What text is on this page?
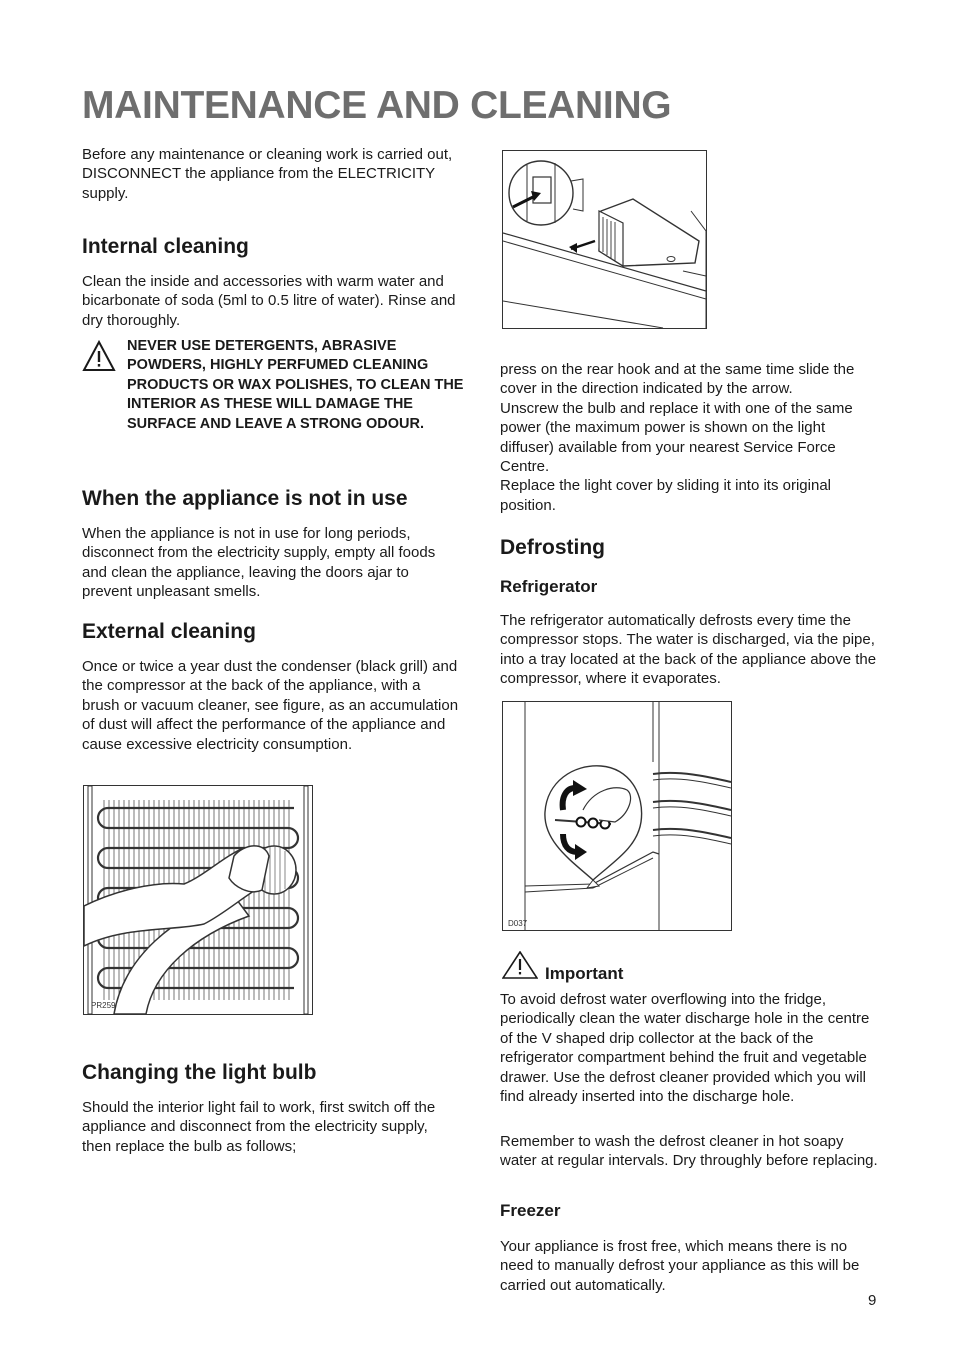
MAINTENANCE AND CLEANING

Before any maintenance or cleaning work is carried out, DISCONNECT the appliance from the ELECTRICITY supply.

Internal cleaning

Clean the inside and accessories with warm water and bicarbonate of soda (5ml to 0.5 litre of water). Rinse and dry thoroughly.

NEVER USE DETERGENTS, ABRASIVE POWDERS, HIGHLY PERFUMED CLEANING PRODUCTS OR WAX POLISHES, TO CLEAN THE INTERIOR AS THESE WILL DAMAGE THE SURFACE AND LEAVE A STRONG ODOUR.

When the appliance is not in use

When the appliance is not in use for long periods, disconnect from the electricity supply, empty all foods and clean the appliance, leaving the doors ajar to prevent unpleasant smells.

External cleaning

Once or twice a year dust the condenser (black grill) and the compressor at the back of the appliance, with a brush or vacuum cleaner, see figure, as an accumulation of dust will affect the performance of the appliance and cause excessive electricity consumption.

PR259
Changing the light bulb

Should the interior light fail to work, first switch off the appliance and disconnect from the electricity supply, then replace the bulb as follows;

press on the rear hook and at the same time slide the cover in the direction indicated by the arrow.
Unscrew the bulb and replace it with one of the same power (the maximum power is shown on the light diffuser) available from your nearest Service Force Centre.
Replace the light cover by sliding it into its original position.

Defrosting
Refrigerator

The refrigerator automatically defrosts every time the compressor stops. The water is discharged, via the pipe, into a tray located at the back of the appliance above the compressor, where it evaporates.

D037
Important

To avoid defrost water overflowing into the fridge, periodically clean the water discharge hole in the centre of the V shaped drip collector at the back of the refrigerator compartment behind the fruit and vegetable drawer. Use the defrost cleaner provided which you will find already inserted into the discharge hole.

Remember to wash the defrost cleaner in hot soapy water at regular intervals. Dry throughly before replacing.

Freezer

Your appliance is frost free, which means there is no need to manually defrost your appliance as this will be carried out automatically.

9
